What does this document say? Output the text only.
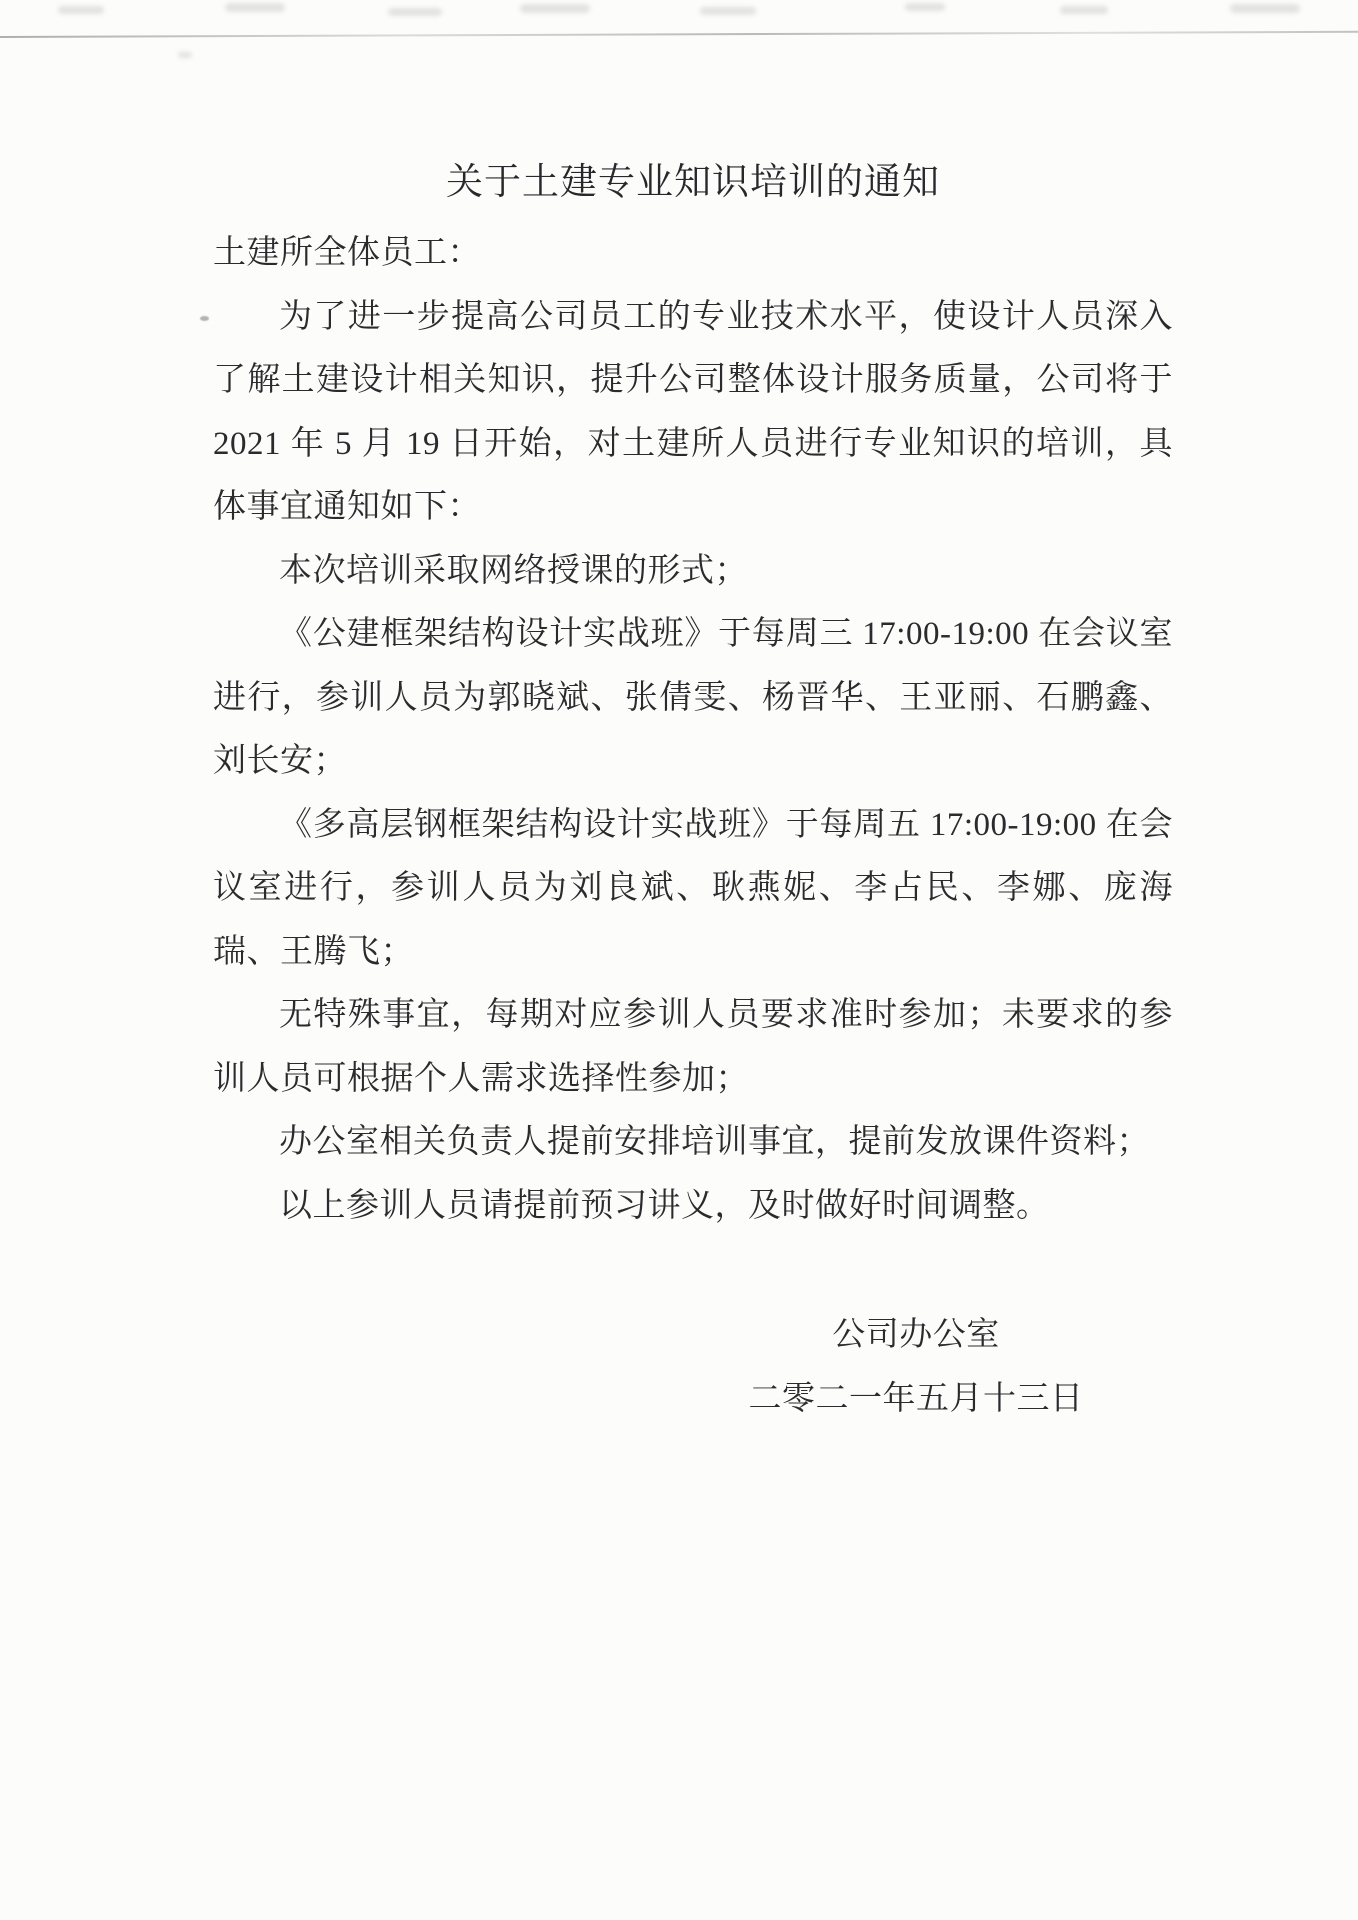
关于土建专业知识培训的通知

土建所全体员工：

为了进一步提高公司员工的专业技术水平，使设计人员深入了解土建设计相关知识，提升公司整体设计服务质量，公司将于 2021 年 5 月 19 日开始，对土建所人员进行专业知识的培训，具体事宜通知如下：

本次培训采取网络授课的形式；

《公建框架结构设计实战班》于每周三 17:00-19:00 在会议室进行，参训人员为郭晓斌、张倩雯、杨晋华、王亚丽、石鹏鑫、刘长安；

《多高层钢框架结构设计实战班》于每周五 17:00-19:00 在会议室进行，参训人员为刘良斌、耿燕妮、李占民、李娜、庞海瑞、王腾飞；

无特殊事宜，每期对应参训人员要求准时参加；未要求的参训人员可根据个人需求选择性参加；

办公室相关负责人提前安排培训事宜，提前发放课件资料；

以上参训人员请提前预习讲义，及时做好时间调整。

公司办公室
二零二一年五月十三日
